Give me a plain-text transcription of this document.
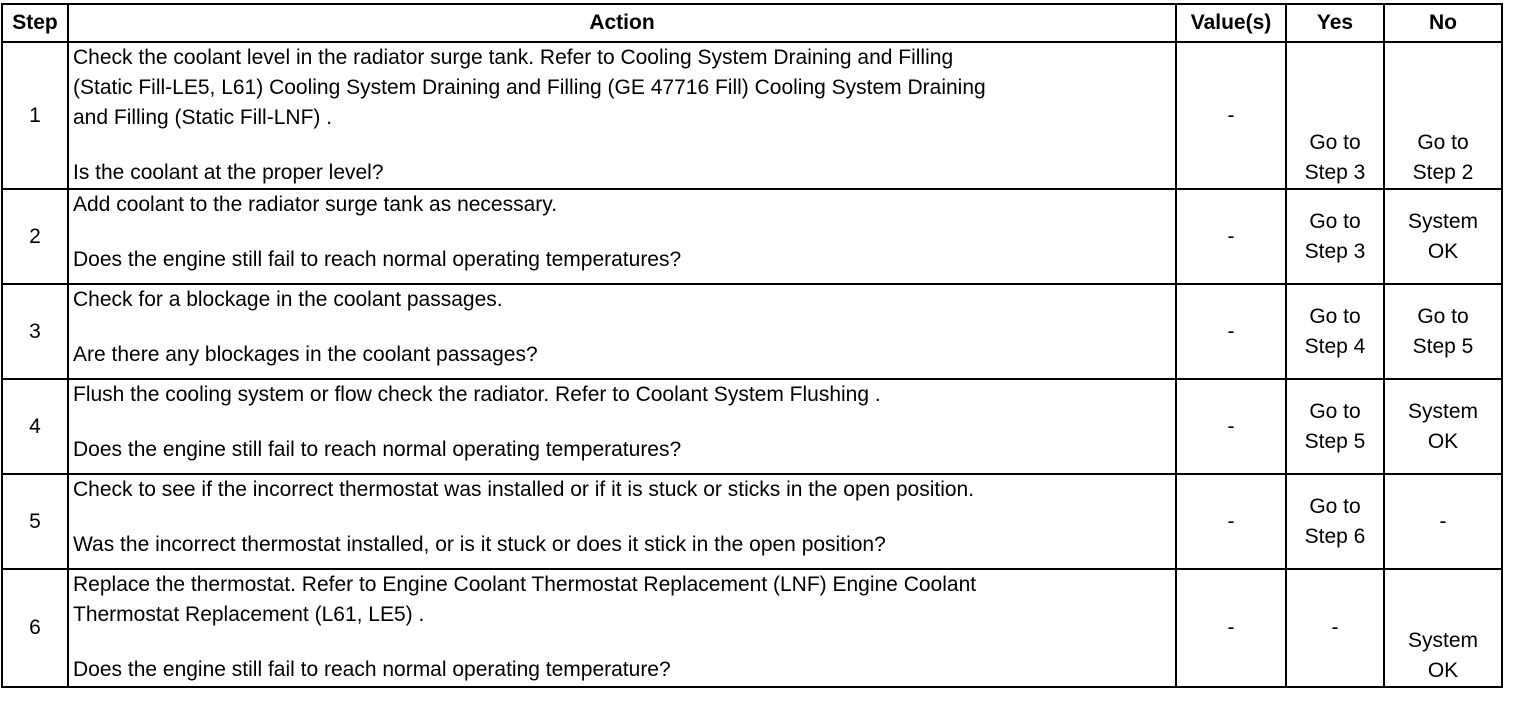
Step	Action	Value(s)	Yes	No
1	Check the coolant level in the radiator surge tank. Refer to Cooling System Draining and Filling
(Static Fill-LE5, L61) Cooling System Draining and Filling (GE 47716 Fill) Cooling System Draining
and Filling (Static Fill-LNF) .
Is the coolant at the proper level?	-	Go to
Step 3	Go to
Step 2

2	Add coolant to the radiator surge tank as necessary.
Does the engine still fail to reach normal operating temperatures?	-	Go to
Step 3	System
OK

3	Check for a blockage in the coolant passages.
Are there any blockages in the coolant passages?	-	Go to
Step 4	Go to
Step 5

4	Flush the cooling system or flow check the radiator. Refer to Coolant System Flushing .
Does the engine still fail to reach normal operating temperatures?	-	Go to
Step 5	System
OK

5	Check to see if the incorrect thermostat was installed or if it is stuck or sticks in the open position.
Was the incorrect thermostat installed, or is it stuck or does it stick in the open position?	-	Go to
Step 6	-

6	Replace the thermostat. Refer to Engine Coolant Thermostat Replacement (LNF) Engine Coolant
Thermostat Replacement (L61, LE5) .
Does the engine still fail to reach normal operating temperature?	-	-	System
OK
